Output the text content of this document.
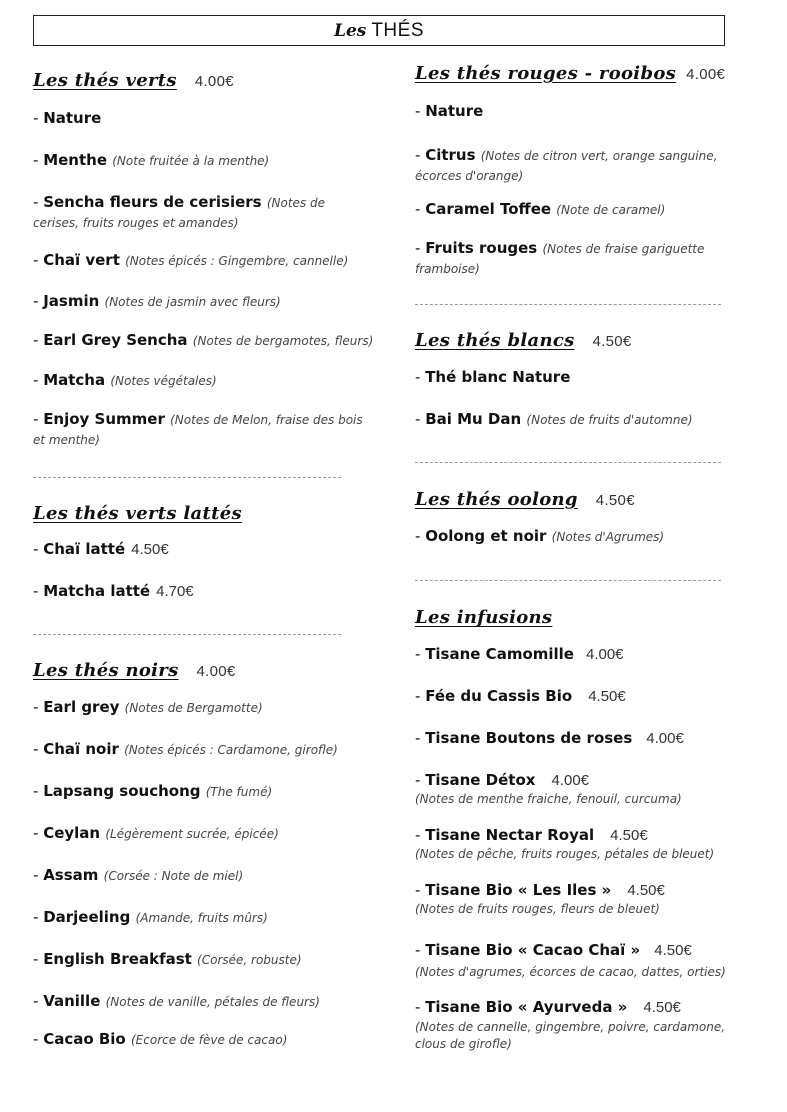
Les THÉS
Les thés verts 4.00€
- Nature
- Menthe (Note fruitée à la menthe)
- Sencha fleurs de cerisiers (Notes de cerises, fruits rouges et amandes)
- Chaï vert (Notes épicés : Gingembre, cannelle)
- Jasmin (Notes de jasmin avec fleurs)
- Earl Grey Sencha (Notes de bergamotes, fleurs)
- Matcha (Notes végétales)
- Enjoy Summer (Notes de Melon, fraise des bois et menthe)
Les thés verts lattés
- Chaï latté 4.50€
- Matcha latté 4.70€
Les thés noirs 4.00€
- Earl grey (Notes de Bergamotte)
- Chaï noir (Notes épicés : Cardamone, girofle)
- Lapsang souchong (The fumé)
- Ceylan (Légèrement sucrée, épicée)
- Assam (Corsée : Note de miel)
- Darjeeling (Amande, fruits mûrs)
- English Breakfast (Corsée, robuste)
- Vanille (Notes de vanille, pétales de fleurs)
- Cacao Bio (Ecorce de fève de cacao)
Les thés rouges - rooibos 4.00€
- Nature
- Citrus (Notes de citron vert, orange sanguine, écorces d'orange)
- Caramel Toffee (Note de caramel)
- Fruits rouges (Notes de fraise gariguette framboise)
Les thés blancs 4.50€
- Thé blanc Nature
- Bai Mu Dan (Notes de fruits d'automne)
Les thés oolong 4.50€
- Oolong et noir (Notes d'Agrumes)
Les infusions
- Tisane Camomille 4.00€
- Fée du Cassis Bio 4.50€
- Tisane Boutons de roses 4.00€
- Tisane Détox 4.00€
(Notes de menthe fraiche, fenouil, curcuma)
- Tisane Nectar Royal 4.50€
(Notes de pêche, fruits rouges, pétales de bleuet)
- Tisane Bio « Les Iles » 4.50€
(Notes de fruits rouges, fleurs de bleuet)
- Tisane Bio « Cacao Chaï » 4.50€
(Notes d'agrumes, écorces de cacao, dattes, orties)
- Tisane Bio « Ayurveda » 4.50€
(Notes de cannelle, gingembre, poivre, cardamone, clous de girofle)
